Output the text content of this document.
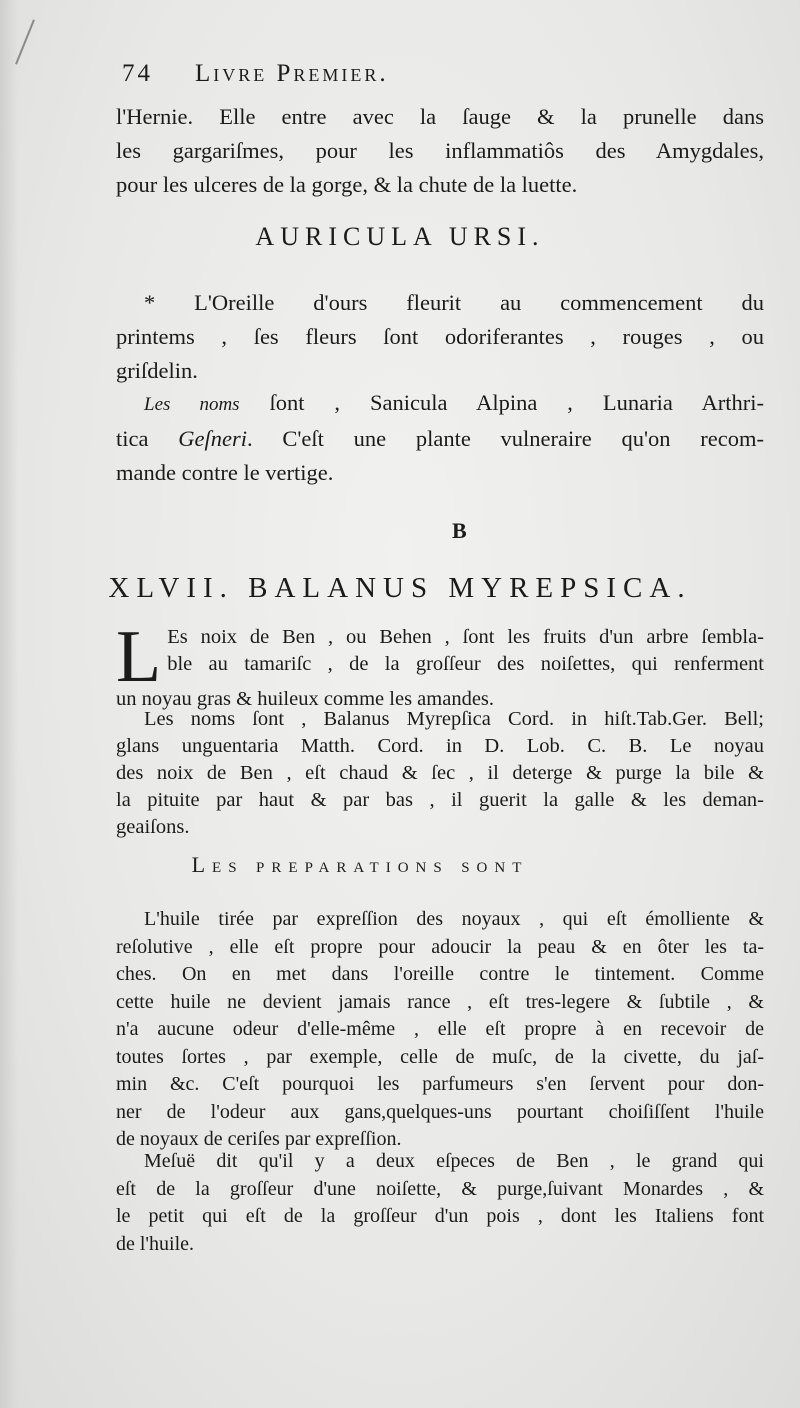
74 Livre Premier.
l'Hernie. Elle entre avec la ſauge & la prunelle dans
les gargariſmes, pour les inflammatiôs des Amygdales,
pour les ulceres de la gorge, & la chute de la luette.
AURICULA URSI.
* L'Oreille d'ours fleurit au commencement du
printems , ſes fleurs ſont odoriferantes , rouges , ou
griſdelin.
Les noms ſont , Sanicula Alpina , Lunaria Arthri-
tica Geſneri. C'eſt une plante vulneraire qu'on recom-
mande contre le vertige.
B
XLVII. BALANUS MYREPSICA.
L Es noix de Ben , ou Behen , ſont les fruits d'un arbre ſembla-
ble au tamariſc , de la groſſeur des noiſettes, qui renferment
un noyau gras & huileux comme les amandes.
Les noms ſont , Balanus Myrepſica Cord. in hiſt.Tab.Ger. Bell;
glans unguentaria Matth. Cord. in D. Lob. C. B. Le noyau
des noix de Ben , eſt chaud & ſec , il deterge & purge la bile &
la pituite par haut & par bas , il guerit la galle & les deman-
geaiſons.
Les preparations sont
L'huile tirée par expreſſion des noyaux , qui eſt émolliente &
reſolutive , elle eſt propre pour adoucir la peau & en ôter les ta-
ches. On en met dans l'oreille contre le tintement. Comme
cette huile ne devient jamais rance , eſt tres-legere & ſubtile , &
n'a aucune odeur d'elle-même , elle eſt propre à en recevoir de
toutes ſortes , par exemple, celle de muſc, de la civette, du jaſ-
min &c. C'eſt pourquoi les parfumeurs s'en ſervent pour don-
ner de l'odeur aux gans,quelques-uns pourtant choiſiſſent l'huile
de noyaux de ceriſes par expreſſion.
Meſuë dit qu'il y a deux eſpeces de Ben , le grand qui
eſt de la groſſeur d'une noiſette, & purge,ſuivant Monardes , &
le petit qui eſt de la groſſeur d'un pois , dont les Italiens font
de l'huile.
